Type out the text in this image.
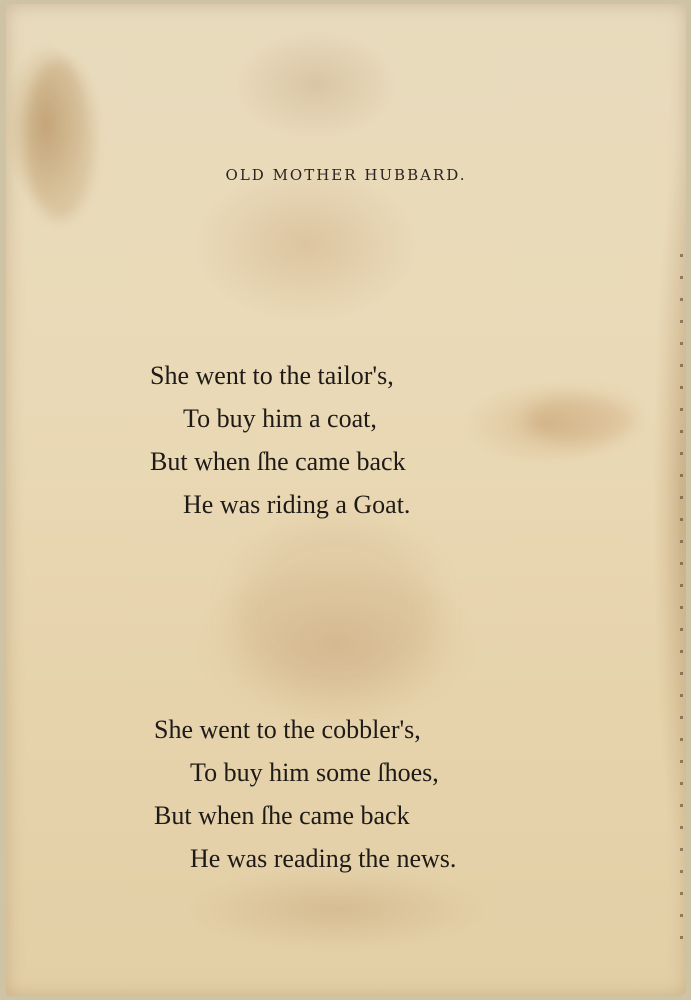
OLD MOTHER HUBBARD.
She went to the tailor's,
To buy him a coat,
But when ſhe came back
He was riding a Goat.
She went to the cobbler's,
To buy him some ſhoes,
But when ſhe came back
He was reading the news.
